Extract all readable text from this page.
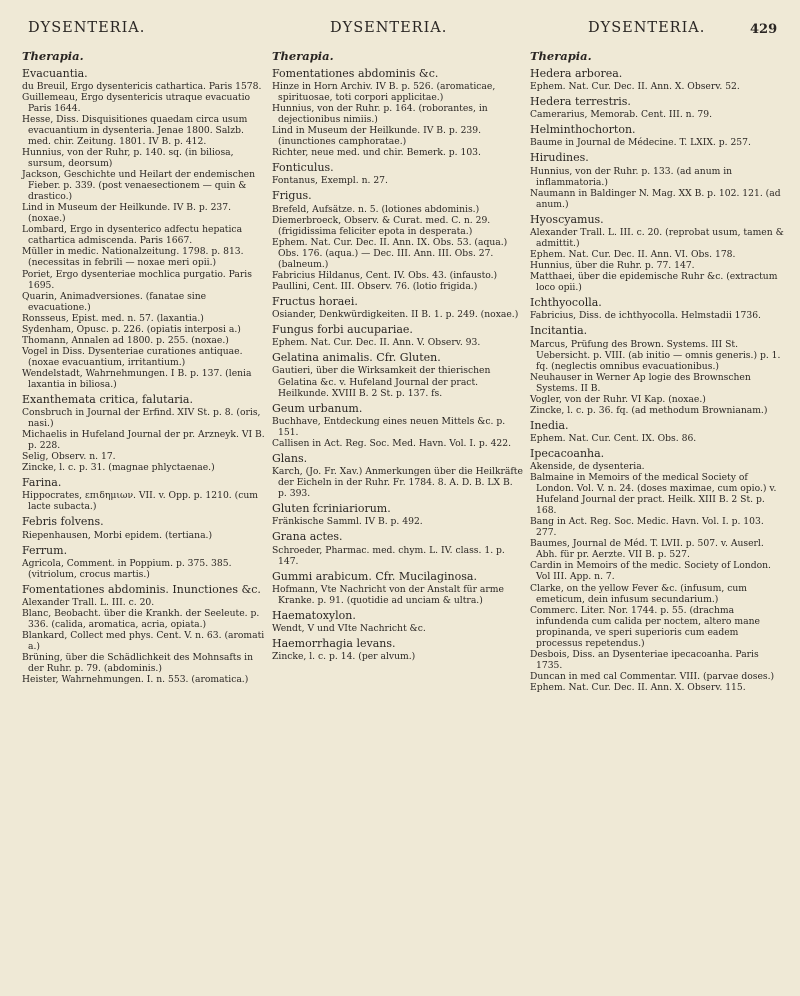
DYSENTERIA.	DYSENTERIA.	DYSENTERIA.	429
Therapia.
Evacuantia.

du Breuil, Ergo dysentericis cathartica. Paris 1578.

Guillemeau, Ergo dysentericis utraque evacuatio Paris 1644.

Hesse, Diss. Disquisitiones quaedam circa usum evacuantium in dysenteria. Jenae 1800. Salzb. med. chir. Zeitung. 1801. IV B. p. 412.

Hunnius, von der Ruhr, p. 140. sq. (in biliosa, sursum, deorsum)

Jackson, Geschichte und Heilart der endemischen Fieber. p. 339. (post venaesectionem — quin & drastico.)

Lind in Museum der Heilkunde. IV B. p. 237. (noxae.)

Lombard, Ergo in dysenterico adfectu hepatica cathartica admiscenda. Paris 1667.

Müller in medic. Nationalzeitung. 1798. p. 813. (necessitas in febrili — noxae meri opii.)

Poriet, Ergo dysenteriae mochlica purgatio. Paris 1695.

Quarin, Animadversiones. (fanatae sine evacuatione.)

Ronsseus, Epist. med. n. 57. (laxantia.)

Sydenham, Opusc. p. 226. (opiatis interposi a.)

Thomann, Annalen ad 1800. p. 255. (noxae.)

Vogel in Diss. Dysenteriae curationes antiquae. (noxae evacuantium, irritantium.)

Wendelstadt, Wahrnehmungen. I B. p. 137. (lenia laxantia in biliosa.)

Exanthemata critica, falutaria.

Consbruch in Journal der Erfind. XIV St. p. 8. (oris, nasi.)

Michaelis in Hufeland Journal der pr. Arzneyk. VI B. p. 228.

Selig, Observ. n. 17.

Zincke, l. c. p. 31. (magnae phlyctaenae.)

Farina.

Hippocrates, επιδημιων. VII. v. Opp. p. 1210. (cum lacte subacta.)

Febris folvens.

Riepenhausen, Morbi epidem. (tertiana.)

Ferrum.

Agricola, Comment. in Poppium. p. 375. 385. (vitriolum, crocus martis.)

Fomentationes abdominis. Inunctiones &c.

Alexander Trall. L. III. c. 20.

Blanc, Beobacht. über die Krankh. der Seeleute. p. 336. (calida, aromatica, acria, opiata.)

Blankard, Collect med phys. Cent. V. n. 63. (aromati a.)

Brüning, über die Schädlichkeit des Mohnsafts in der Ruhr. p. 79. (abdominis.)

Heister, Wahrnehmungen. I. n. 553. (aromatica.)

Therapia.
Fomentationes abdominis &c.

Hinze in Horn Archiv. IV B. p. 526. (aromaticae, spirituosae, toti corpori applicitae.)

Hunnius, von der Ruhr. p. 164. (roborantes, in dejectionibus nimiis.)

Lind in Museum der Heilkunde. IV B. p. 239. (inunctiones camphoratae.)

Richter, neue med. und chir. Bemerk. p. 103.

Fonticulus.

Fontanus, Exempl. n. 27.

Frigus.

Brefeld, Aufsätze. n. 5. (lotiones abdominis.)

Diemerbroeck, Observ. & Curat. med. C. n. 29. (frigidissima feliciter epota in desperata.)

Ephem. Nat. Cur. Dec. II. Ann. IX. Obs. 53. (aqua.) Obs. 176. (aqua.) — Dec. III. Ann. III. Obs. 27. (balneum.)

Fabricius Hildanus, Cent. IV. Obs. 43. (infausto.)

Paullini, Cent. III. Observ. 76. (lotio frigida.)

Fructus horaei.

Osiander, Denkwürdigkeiten. II B. 1. p. 249. (noxae.)

Fungus forbi aucupariae.

Ephem. Nat. Cur. Dec. II. Ann. V. Observ. 93.

Gelatina animalis. Cfr. Gluten.

Gautieri, über die Wirksamkeit der thierischen Gelatina &c. v. Hufeland Journal der pract. Heilkunde. XVIII B. 2 St. p. 137. fs.

Geum urbanum.

Buchhave, Entdeckung eines neuen Mittels &c. p. 151.

Callisen in Act. Reg. Soc. Med. Havn. Vol. I. p. 422.

Glans.

Karch, (Jo. Fr. Xav.) Anmerkungen über die Heilkräfte der Eicheln in der Ruhr. Fr. 1784. 8. A. D. B. LX B. p. 393.

Gluten fcriniariorum.

Fränkische Samml. IV B. p. 492.

Grana actes.

Schroeder, Pharmac. med. chym. L. IV. class. 1. p. 147.

Gummi arabicum. Cfr. Mucilaginosa.

Hofmann, Vte Nachricht von der Anstalt für arme Kranke. p. 91. (quotidie ad unciam & ultra.)

Haematoxylon.

Wendt, V und VIte Nachricht &c.

Haemorrhagia levans.

Zincke, l. c. p. 14. (per alvum.)

Therapia.
Hedera arborea.

Ephem. Nat. Cur. Dec. II. Ann. X. Observ. 52.

Hedera terrestris.

Camerarius, Memorab. Cent. III. n. 79.

Helminthochorton.

Baume in Journal de Médecine. T. LXIX. p. 257.

Hirudines.

Hunnius, von der Ruhr. p. 133. (ad anum in inflammatoria.)

Naumann in Baldinger N. Mag. XX B. p. 102. 121. (ad anum.)

Hyoscyamus.

Alexander Trall. L. III. c. 20. (reprobat usum, tamen & admittit.)

Ephem. Nat. Cur. Dec. II. Ann. VI. Obs. 178.

Hunnius, über die Ruhr. p. 77. 147.

Matthaei, über die epidemische Ruhr &c. (extractum loco opii.)

Ichthyocolla.

Fabricius, Diss. de ichthyocolla. Helmstadii 1736.

Incitantia.

Marcus, Prüfung des Brown. Systems. III St. Uebersicht. p. VIII. (ab initio — omnis generis.) p. 1. fq. (neglectis omnibus evacuationibus.)

Neuhauser in Werner Ap logie des Brownschen Systems. II B.

Vogler, von der Ruhr. VI Kap. (noxae.)

Zincke, l. c. p. 36. fq. (ad methodum Brownianam.)

Inedia.

Ephem. Nat. Cur. Cent. IX. Obs. 86.

Ipecacoanha.

Akenside, de dysenteria.

Balmaine in Memoirs of the medical Society of London. Vol. V. n. 24. (doses maximae, cum opio.) v. Hufeland Journal der pract. Heilk. XIII B. 2 St. p. 168.

Bang in Act. Reg. Soc. Medic. Havn. Vol. I. p. 103. 277.

Baumes, Journal de Méd. T. LVII. p. 507. v. Auserl. Abh. für pr. Aerzte. VII B. p. 527.

Cardin in Memoirs of the medic. Society of London. Vol III. App. n. 7.

Clarke, on the yellow Fever &c. (infusum, cum emeticum, dein infusum secundarium.)

Commerc. Liter. Nor. 1744. p. 55. (drachma infundenda cum calida per noctem, altero mane propinanda, ve speri superioris cum eadem processus repetendus.)

Desbois, Diss. an Dysenteriae ipecacoanha. Paris 1735.

Duncan in med cal Commentar. VIII. (parvae doses.)

Ephem. Nat. Cur. Dec. II. Ann. X. Observ. 115.
